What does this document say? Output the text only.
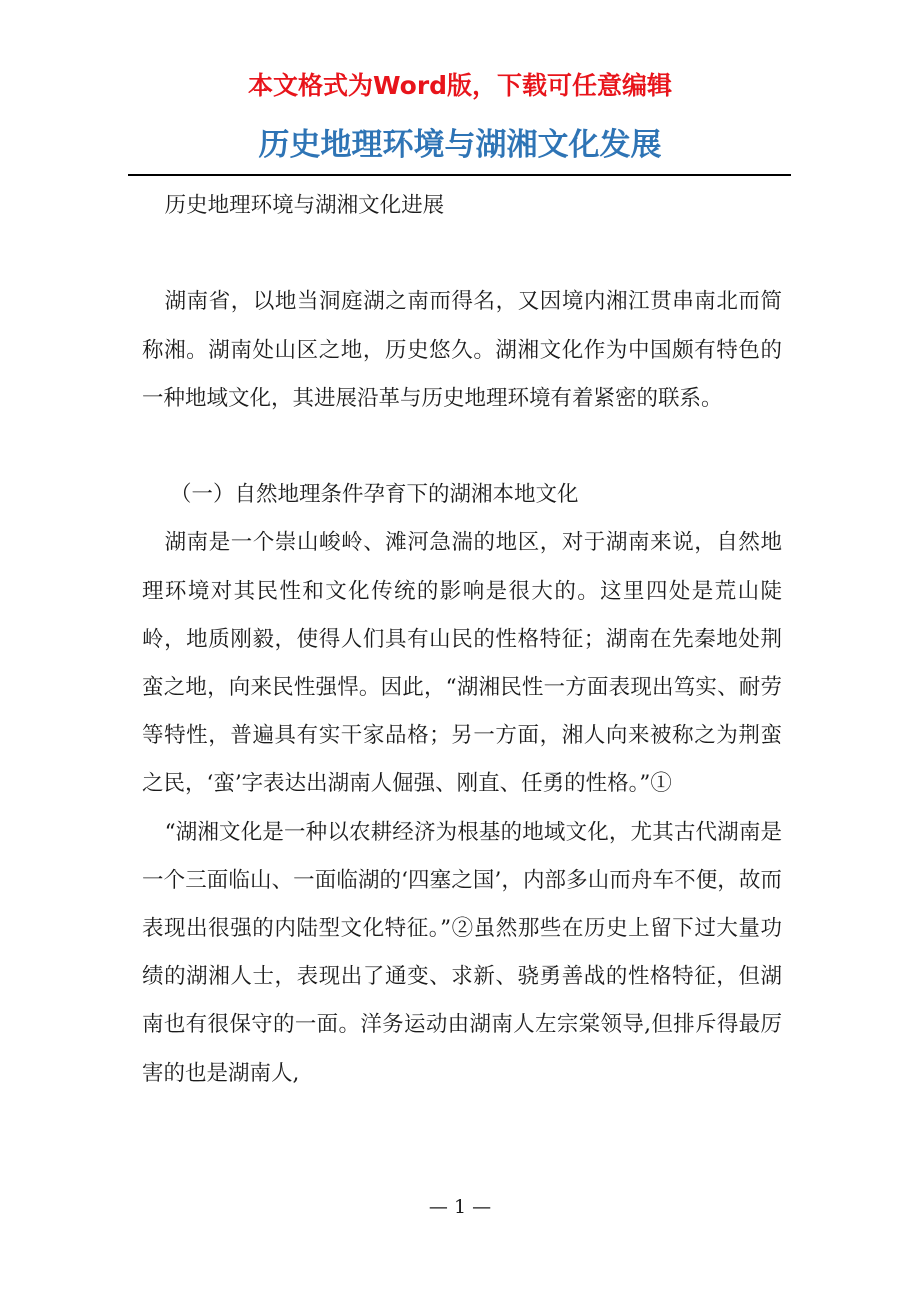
本文格式为Word版，下载可任意编辑
历史地理环境与湖湘文化发展

历史地理环境与湖湘文化进展

湖南省，以地当洞庭湖之南而得名，又因境内湘江贯串南北而简称湘。湖南处山区之地，历史悠久。湖湘文化作为中国颇有特色的一种地域文化，其进展沿革与历史地理环境有着紧密的联系。

（一）自然地理条件孕育下的湖湘本地文化

湖南是一个崇山峻岭、滩河急湍的地区，对于湖南来说，自然地理环境对其民性和文化传统的影响是很大的。这里四处是荒山陡岭，地质刚毅，使得人们具有山民的性格特征；湖南在先秦地处荆蛮之地，向来民性强悍。因此，“湖湘民性一方面表现出笃实、耐劳等特性，普遍具有实干家品格；另一方面，湘人向来被称之为荆蛮之民，‘蛮’字表达出湖南人倔强、刚直、任勇的性格。”①

“湖湘文化是一种以农耕经济为根基的地域文化，尤其古代湖南是一个三面临山、一面临湖的‘四塞之国’，内部多山而舟车不便，故而表现出很强的内陆型文化特征。”②虽然那些在历史上留下过大量功绩的湖湘人士，表现出了通变、求新、骁勇善战的性格特征，但湖南也有很保守的一面。洋务运动由湖南人左宗棠领导,但排斥得最厉害的也是湖南人,

— 1 —
